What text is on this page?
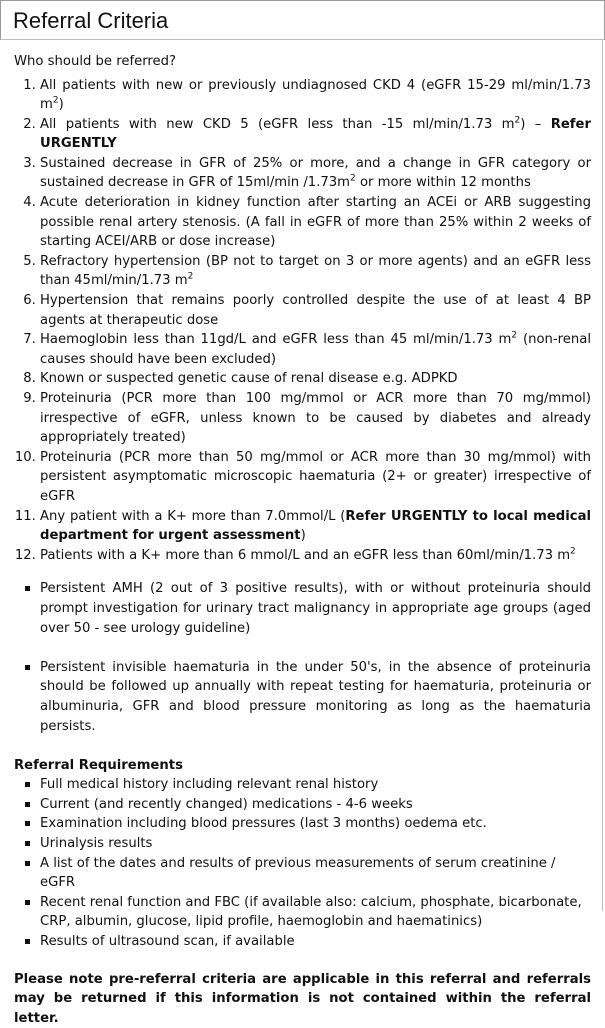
Referral Criteria
Who should be referred?
1. All patients with new or previously undiagnosed CKD 4 (eGFR 15-29 ml/min/1.73 $m^2$)
2. All patients with new CKD 5 (eGFR less than -15 ml/min/1.73 $m^2$) – Refer URGENTLY
3. Sustained decrease in GFR of 25% or more, and a change in GFR category or sustained decrease in GFR of 15ml/min $/1.73m^2$ or more within 12 months
4. Acute deterioration in kidney function after starting an ACEi or ARB suggesting possible renal artery stenosis. (A fall in eGFR of more than 25% within 2 weeks of starting ACEI/ARB or dose increase)
5. Refractory hypertension (BP not to target on 3 or more agents) and an eGFR less than 45ml/min/1.73 $m^2$
6. Hypertension that remains poorly controlled despite the use of at least 4 BP agents at therapeutic dose
7. Haemoglobin less than 11gd/L and eGFR less than 45 ml/min/1.73 $m^2$ (non-renal causes should have been excluded)
8. Known or suspected genetic cause of renal disease e.g. ADPKD
9. Proteinuria (PCR more than 100 mg/mmol or ACR more than 70 mg/mmol) irrespective of eGFR, unless known to be caused by diabetes and already appropriately treated)
10. Proteinuria (PCR more than 50 mg/mmol or ACR more than 30 mg/mmol) with persistent asymptomatic microscopic haematuria (2+ or greater) irrespective of eGFR
11. Any patient with a K+ more than 7.0mmol/L (Refer URGENTLY to local medical department for urgent assessment)
12. Patients with a K+ more than 6 mmol/L and an eGFR less than 60ml/min/1.73 $m^2$
Persistent AMH (2 out of 3 positive results), with or without proteinuria should prompt investigation for urinary tract malignancy in appropriate age groups (aged over 50 - see urology guideline)
Persistent invisible haematuria in the under 50's, in the absence of proteinuria should be followed up annually with repeat testing for haematuria, proteinuria or albuminuria, GFR and blood pressure monitoring as long as the haematuria persists.
Referral Requirements
Full medical history including relevant renal history
Current (and recently changed) medications - 4-6 weeks
Examination including blood pressures (last 3 months) oedema etc.
Urinalysis results
A list of the dates and results of previous measurements of serum creatinine / eGFR
Recent renal function and FBC (if available also: calcium, phosphate, bicarbonate, CRP, albumin, glucose, lipid profile, haemoglobin and haematinics)
Results of ultrasound scan, if available
Please note pre-referral criteria are applicable in this referral and referrals may be returned if this information is not contained within the referral letter.
